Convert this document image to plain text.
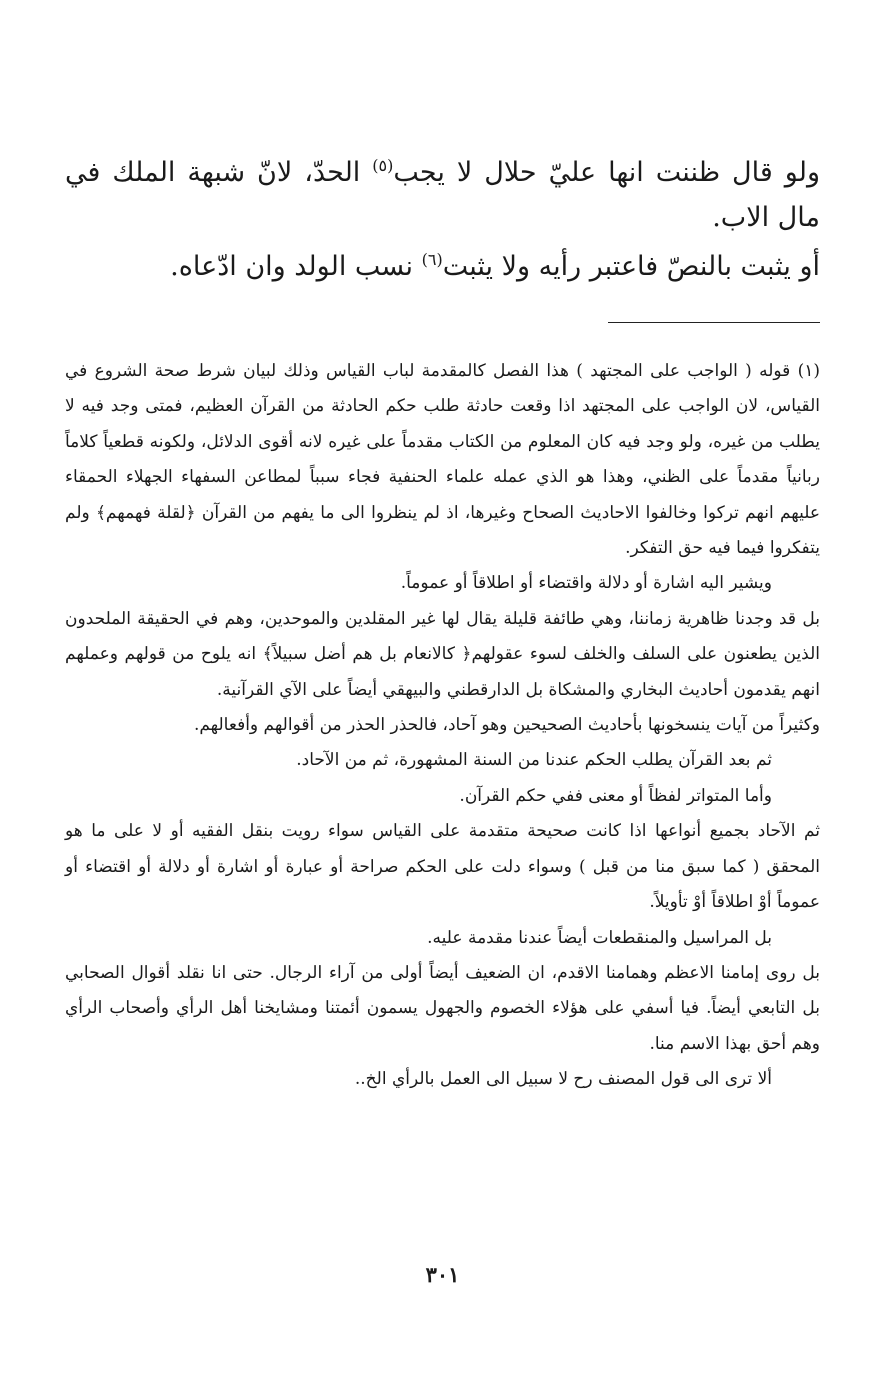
ولو قال ظننت انها عليّ حلال لا يجب$^{(٥)}$ الحدّ، لانّ شبهة الملك في مال الاب.

أو يثبت بالنصّ فاعتبر رأيه ولا يثبت$^{(٦)}$ نسب الولد وان ادّعاه.

(١) قوله ( الواجب على المجتهد ) هذا الفصل كالمقدمة لباب القياس وذلك لبيان شرط صحة الشروع في القياس، لان الواجب على المجتهد اذا وقعت حادثة طلب حكم الحادثة من القرآن العظيم، فمتى وجد فيه لا يطلب من غيره، ولو وجد فيه كان المعلوم من الكتاب مقدماً على غيره لانه أقوى الدلائل، ولكونه قطعياً كلاماً ربانياً مقدماً على الظني، وهذا هو الذي عمله علماء الحنفية فجاء سبباً لمطاعن السفهاء الجهلاء الحمقاء عليهم انهم تركوا وخالفوا الاحاديث الصحاح وغيرها، اذ لم ينظروا الى ما يفهم من القرآن ﴿لقلة فهمهم﴾ ولم يتفكروا فيما فيه حق التفكر.

ويشير اليه اشارة أو دلالة واقتضاء أو اطلاقاً أو عموماً.

بل قد وجدنا ظاهرية زماننا، وهي طائفة قليلة يقال لها غير المقلدين والموحدين، وهم في الحقيقة الملحدون الذين يطعنون على السلف والخلف لسوء عقولهم﴿ كالانعام بل هم أضل سبيلاً﴾ انه يلوح من قولهم وعملهم انهم يقدمون أحاديث البخاري والمشكاة بل الدارقطني والبيهقي أيضاً على الآي القرآنية.

وكثيراً من آيات ينسخونها بأحاديث الصحيحين وهو آحاد، فالحذر الحذر من أقوالهم وأفعالهم.

ثم بعد القرآن يطلب الحكم عندنا من السنة المشهورة، ثم من الآحاد.

وأما المتواتر لفظاً أو معنى ففي حكم القرآن.

ثم الآحاد بجميع أنواعها اذا كانت صحيحة متقدمة على القياس سواء رويت بنقل الفقيه أو لا على ما هو المحقق ( كما سبق منا من قبل ) وسواء دلت على الحكم صراحة أو عبارة أو اشارة أو دلالة أو اقتضاء أو عموماً أوْ اطلاقاً أوْ تأويلاً.

بل المراسيل والمنقطعات أيضاً عندنا مقدمة عليه.

بل روى إمامنا الاعظم وهمامنا الاقدم، ان الضعيف أيضاً أولى من آراء الرجال. حتى انا نقلد أقوال الصحابي بل التابعي أيضاً. فيا أسفي على هؤلاء الخصوم والجهول يسمون أئمتنا ومشايخنا أهل الرأي وأصحاب الرأي وهم أحق بهذا الاسم منا.

ألا ترى الى قول المصنف رح لا سبيل الى العمل بالرأي الخ..

٣٠١
